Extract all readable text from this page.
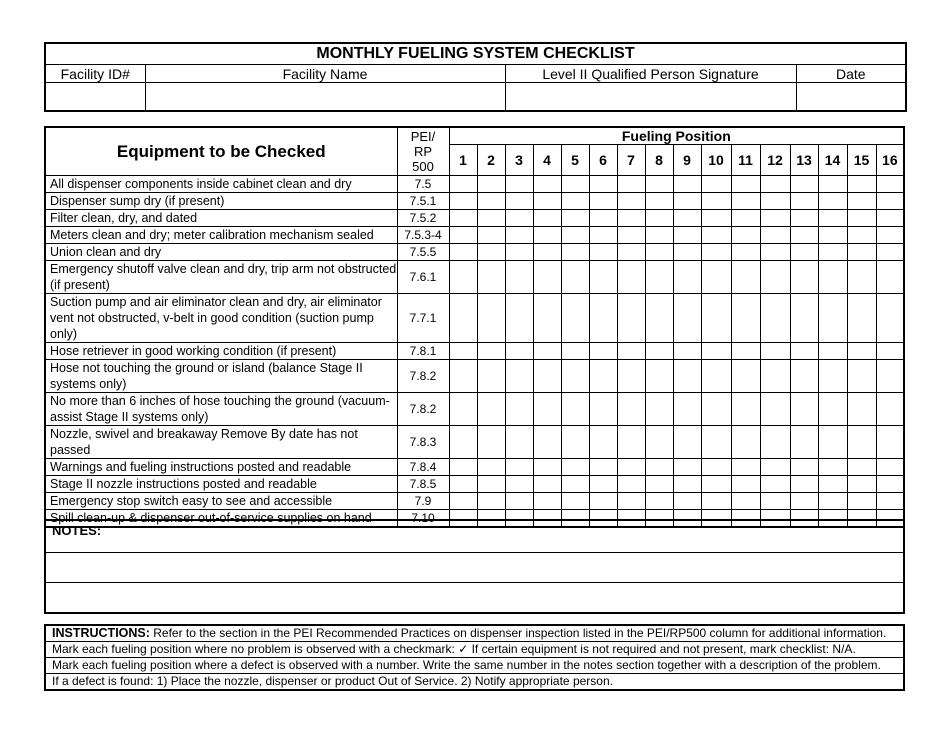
MONTHLY FUELING SYSTEM CHECKLIST			
Facility ID#	Facility Name	Level II Qualified Person Signature	Date

Equipment to be Checked	PEI/
RP
500	Fueling Position															
		1	2	3	4	5	6	7	8	9	10	11	12	13	14	15	16
All dispenser components inside cabinet clean and dry	7.5																
Dispenser sump dry (if present)	7.5.1																
Filter clean, dry, and dated	7.5.2																
Meters clean and dry; meter calibration mechanism sealed	7.5.3-4																
Union clean and dry	7.5.5																
Emergency shutoff valve clean and dry, trip arm not obstructed (if present)	7.6.1																
Suction pump and air eliminator clean and dry, air eliminator vent not obstructed, v-belt in good condition (suction pump only)	7.7.1																
Hose retriever in good working condition (if present)	7.8.1																
Hose not touching the ground or island (balance Stage II systems only)	7.8.2																
No more than 6 inches of hose touching the ground (vacuum-assist Stage II systems only)	7.8.2																
Nozzle, swivel and breakaway Remove By date has not passed	7.8.3																
Warnings and fueling instructions posted and readable	7.8.4																
Stage II nozzle instructions posted and readable	7.8.5																
Emergency stop switch easy to see and accessible	7.9																
Spill clean-up & dispenser out-of-service supplies on hand	7.10																
NOTES:

INSTRUCTIONS: Refer to the section in the PEI Recommended Practices on dispenser inspection listed in the PEI/RP500 column for additional information.
Mark each fueling position where no problem is observed with a checkmark: ✓ If certain equipment is not required and not present, mark checklist: N/A.
Mark each fueling position where a defect is observed with a number. Write the same number in the notes section together with a description of the problem.
If a defect is found: 1) Place the nozzle, dispenser or product Out of Service. 2) Notify appropriate person.
